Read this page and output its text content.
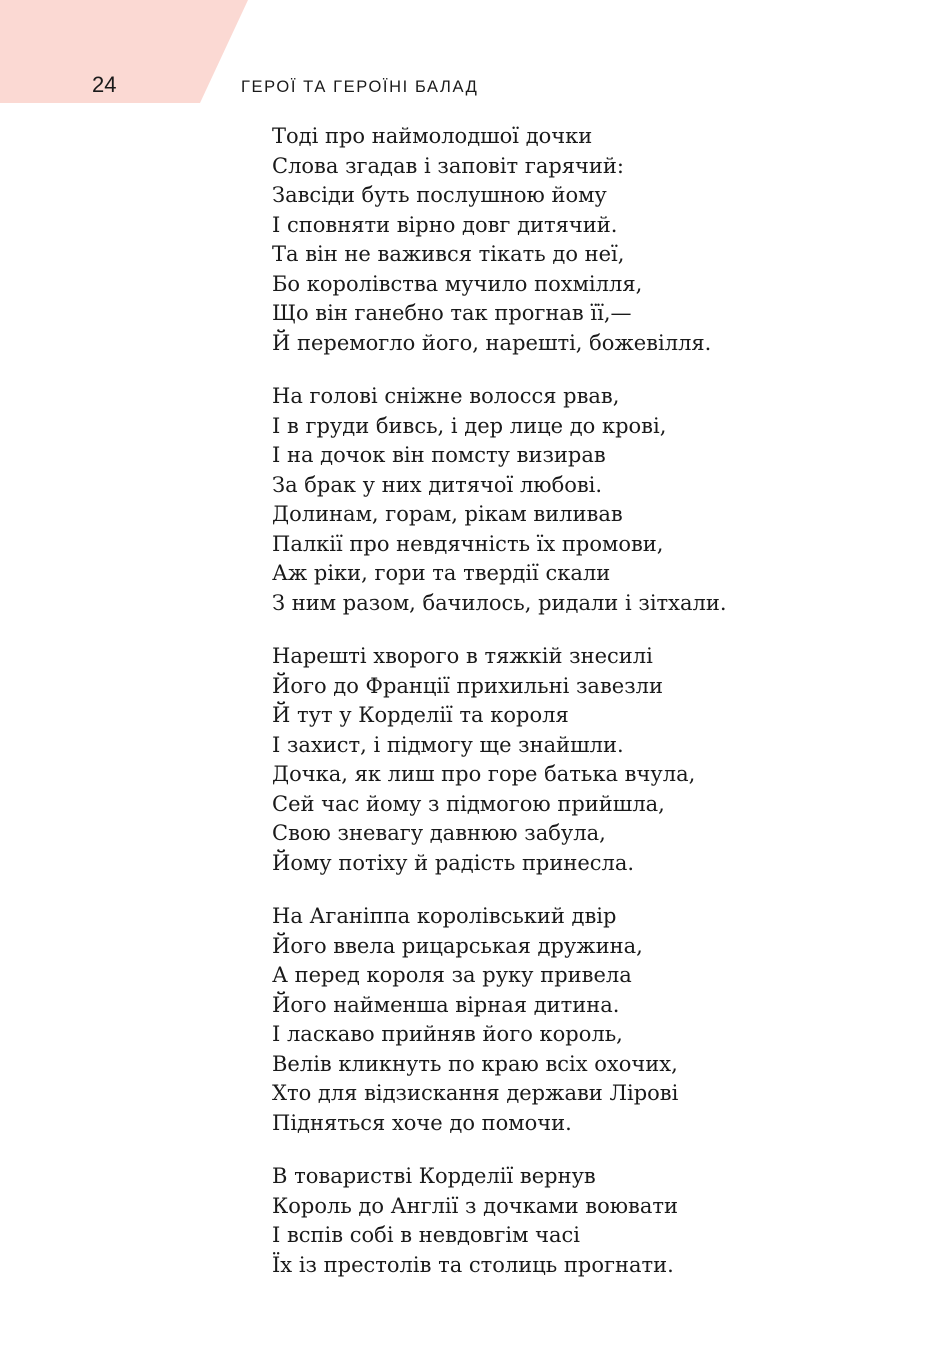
24	ГЕРОЇ ТА ГЕРОЇНІ БАЛАД
Тоді про наймолодшої дочки
Слова згадав і заповіт гарячий:
Завсіди буть послушною йому
І сповняти вірно довг дитячий.
Та він не важився тікать до неї,
Бо королівства мучило похмілля,
Що він ганебно так прогнав її,—
Й перемогло його, нарешті, божевілля.
На голові сніжне волосся рвав,
І в груди бивсь, і дер лице до крові,
І на дочок він помсту визирав
За брак у них дитячої любові.
Долинам, горам, рікам виливав
Палкії про невдячність їх промови,
Аж ріки, гори та твердії скали
З ним разом, бачилось, ридали і зітхали.
Нарешті хворого в тяжкій знесилі
Його до Франції прихильні завезли
Й тут у Корделії та короля
І захист, і підмогу ще знайшли.
Дочка, як лиш про горе батька вчула,
Сей час йому з підмогою прийшла,
Свою зневагу давнюю забула,
Йому потіху й радість принесла.
На Аганіппа королівський двір
Його ввела рицарськая дружина,
А перед короля за руку привела
Його найменша вірная дитина.
І ласкаво прийняв його король,
Велів кликнуть по краю всіх охочих,
Хто для відзискання держави Лірові
Підняться хоче до помочи.
В товаристві Корделії вернув
Король до Англії з дочками воювати
І вспів собі в невдовгім часі
Їх із престолів та столиць прогнати.
